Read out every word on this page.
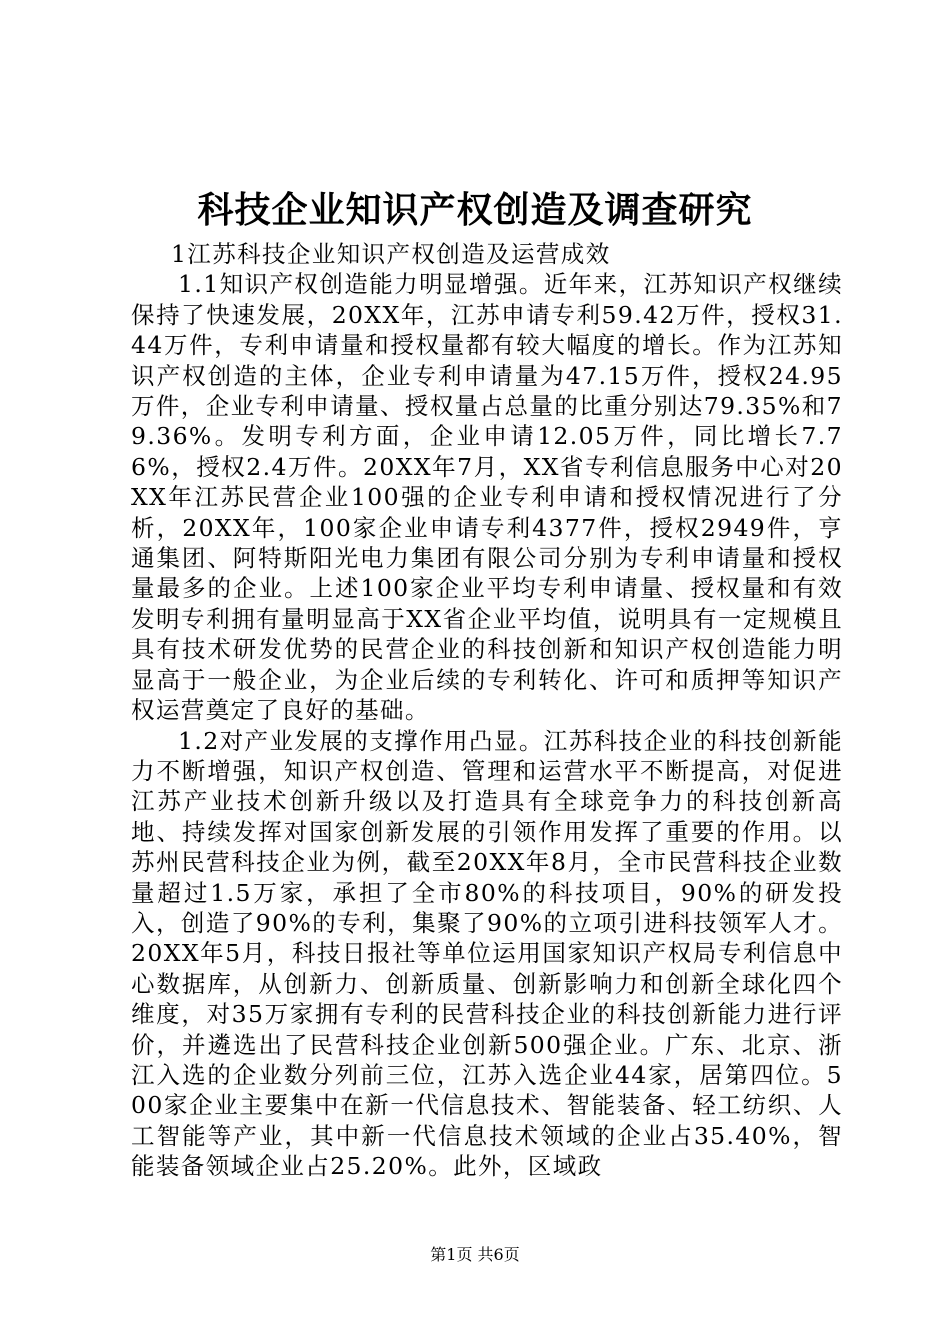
科技企业知识产权创造及调查研究

1江苏科技企业知识产权创造及运营成效

1.1知识产权创造能力明显增强。近年来，江苏知识产权继续保持了快速发展，20XX年，江苏申请专利59.42万件，授权31.44万件，专利申请量和授权量都有较大幅度的增长。作为江苏知识产权创造的主体，企业专利申请量为47.15万件，授权24.95万件，企业专利申请量、授权量占总量的比重分别达79.35%和79.36%。发明专利方面，企业申请12.05万件，同比增长7.76%，授权2.4万件。20XX年7月，XX省专利信息服务中心对20XX年江苏民营企业100强的企业专利申请和授权情况进行了分析，20XX年，100家企业申请专利4377件，授权2949件，亨通集团、阿特斯阳光电力集团有限公司分别为专利申请量和授权量最多的企业。上述100家企业平均专利申请量、授权量和有效发明专利拥有量明显高于XX省企业平均值，说明具有一定规模且具有技术研发优势的民营企业的科技创新和知识产权创造能力明显高于一般企业，为企业后续的专利转化、许可和质押等知识产权运营奠定了良好的基础。

1.2对产业发展的支撑作用凸显。江苏科技企业的科技创新能力不断增强，知识产权创造、管理和运营水平不断提高，对促进江苏产业技术创新升级以及打造具有全球竞争力的科技创新高地、持续发挥对国家创新发展的引领作用发挥了重要的作用。以苏州民营科技企业为例，截至20XX年8月，全市民营科技企业数量超过1.5万家，承担了全市80%的科技项目，90%的研发投入，创造了90%的专利，集聚了90%的立项引进科技领军人才。20XX年5月，科技日报社等单位运用国家知识产权局专利信息中心数据库，从创新力、创新质量、创新影响力和创新全球化四个维度，对35万家拥有专利的民营科技企业的科技创新能力进行评价，并遴选出了民营科技企业创新500强企业。广东、北京、浙江入选的企业数分列前三位，江苏入选企业44家，居第四位。500家企业主要集中在新一代信息技术、智能装备、轻工纺织、人工智能等产业，其中新一代信息技术领域的企业占35.40%，智能装备领域企业占25.20%。此外，区域政

第1页 共6页
